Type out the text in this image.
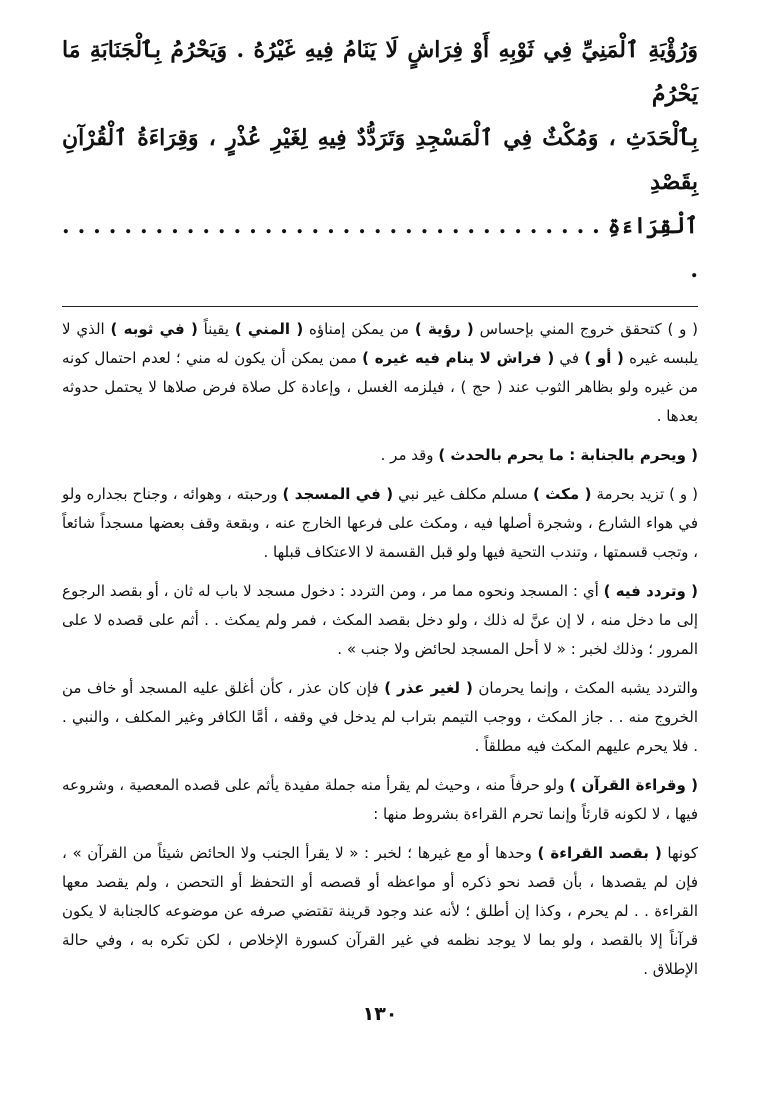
وَرُؤْيَةِ ٱلْمَنِيِّ فِي ثَوْبِهِ أَوْ فِرَاشٍ لَا يَنَامُ فِيهِ غَيْرُهُ . وَيَحْرُمُ بِٱلْجَنَابَةِ مَا يَحْرُمُ
بِٱلْحَدَثِ ، وَمُكْثٌ فِي ٱلْمَسْجِدِ وَتَرَدُّدٌ فِيهِ لِغَيْرِ عُذْرٍ ، وَقِرَاءَةُ ٱلْقُرْآنِ بِقَصْدِ
ٱلْقِرَاءَةِ . . . . . . . . . . . . . . . . . . . . . . . . . . . . . . . . . . . .

( و ) كتحقق خروج المني بإحساس ( رؤية ) من يمكن إمناؤه ( المني ) يقيناً ( في ثوبه ) الذي لا يلبسه غيره ( أو ) في ( فراش لا ينام فيه غيره ) ممن يمكن أن يكون له مني ؛ لعدم احتمال كونه من غيره ولو بظاهر الثوب عند ( حج ) ، فيلزمه الغسل ، وإعادة كل صلاة فرض صلاها لا يحتمل حدوثه بعدها .

( ويحرم بالجنابة : ما يحرم بالحدث ) وقد مر .

( و ) تزيد بحرمة ( مكث ) مسلم مكلف غير نبي ( في المسجد ) ورحبته ، وهوائه ، وجناح بجداره ولو في هواء الشارع ، وشجرة أصلها فيه ، ومكث على فرعها الخارج عنه ، وبقعة وقف بعضها مسجداً شائعاً ، وتجب قسمتها ، وتندب التحية فيها ولو قبل القسمة لا الاعتكاف قبلها .

( وتردد فيه ) أي : المسجد ونحوه مما مر ، ومن التردد : دخول مسجد لا باب له ثان ، أو بقصد الرجوع إلى ما دخل منه ، لا إن عنَّ له ذلك ، ولو دخل بقصد المكث ، فمر ولم يمكث . . أثم على قصده لا على المرور ؛ وذلك لخبر : « لا أحل المسجد لحائض ولا جنب » .

والتردد يشبه المكث ، وإنما يحرمان ( لغير عذر ) فإن كان عذر ، كأن أغلق عليه المسجد أو خاف من الخروج منه . . جاز المكث ، ووجب التيمم بتراب لم يدخل في وقفه ، أمَّا الكافر وغير المكلف ، والنبي . . فلا يحرم عليهم المكث فيه مطلقاً .

( وقراءة القرآن ) ولو حرفاً منه ، وحيث لم يقرأ منه جملة مفيدة يأثم على قصده المعصية ، وشروعه فيها ، لا لكونه قارئاً وإنما تحرم القراءة بشروط منها :

كونها ( بقصد القراءة ) وحدها أو مع غيرها ؛ لخبر : « لا يقرأ الجنب ولا الحائض شيئاً من القرآن » ، فإن لم يقصدها ، بأن قصد نحو ذكره أو مواعظه أو قصصه أو التحفظ أو التحصن ، ولم يقصد معها القراءة . . لم يحرم ، وكذا إن أطلق ؛ لأنه عند وجود قرينة تقتضي صرفه عن موضوعه كالجنابة لا يكون قرآناً إلا بالقصد ، ولو بما لا يوجد نظمه في غير القرآن كسورة الإخلاص ، لكن تكره به ، وفي حالة الإطلاق .

١٣٠
